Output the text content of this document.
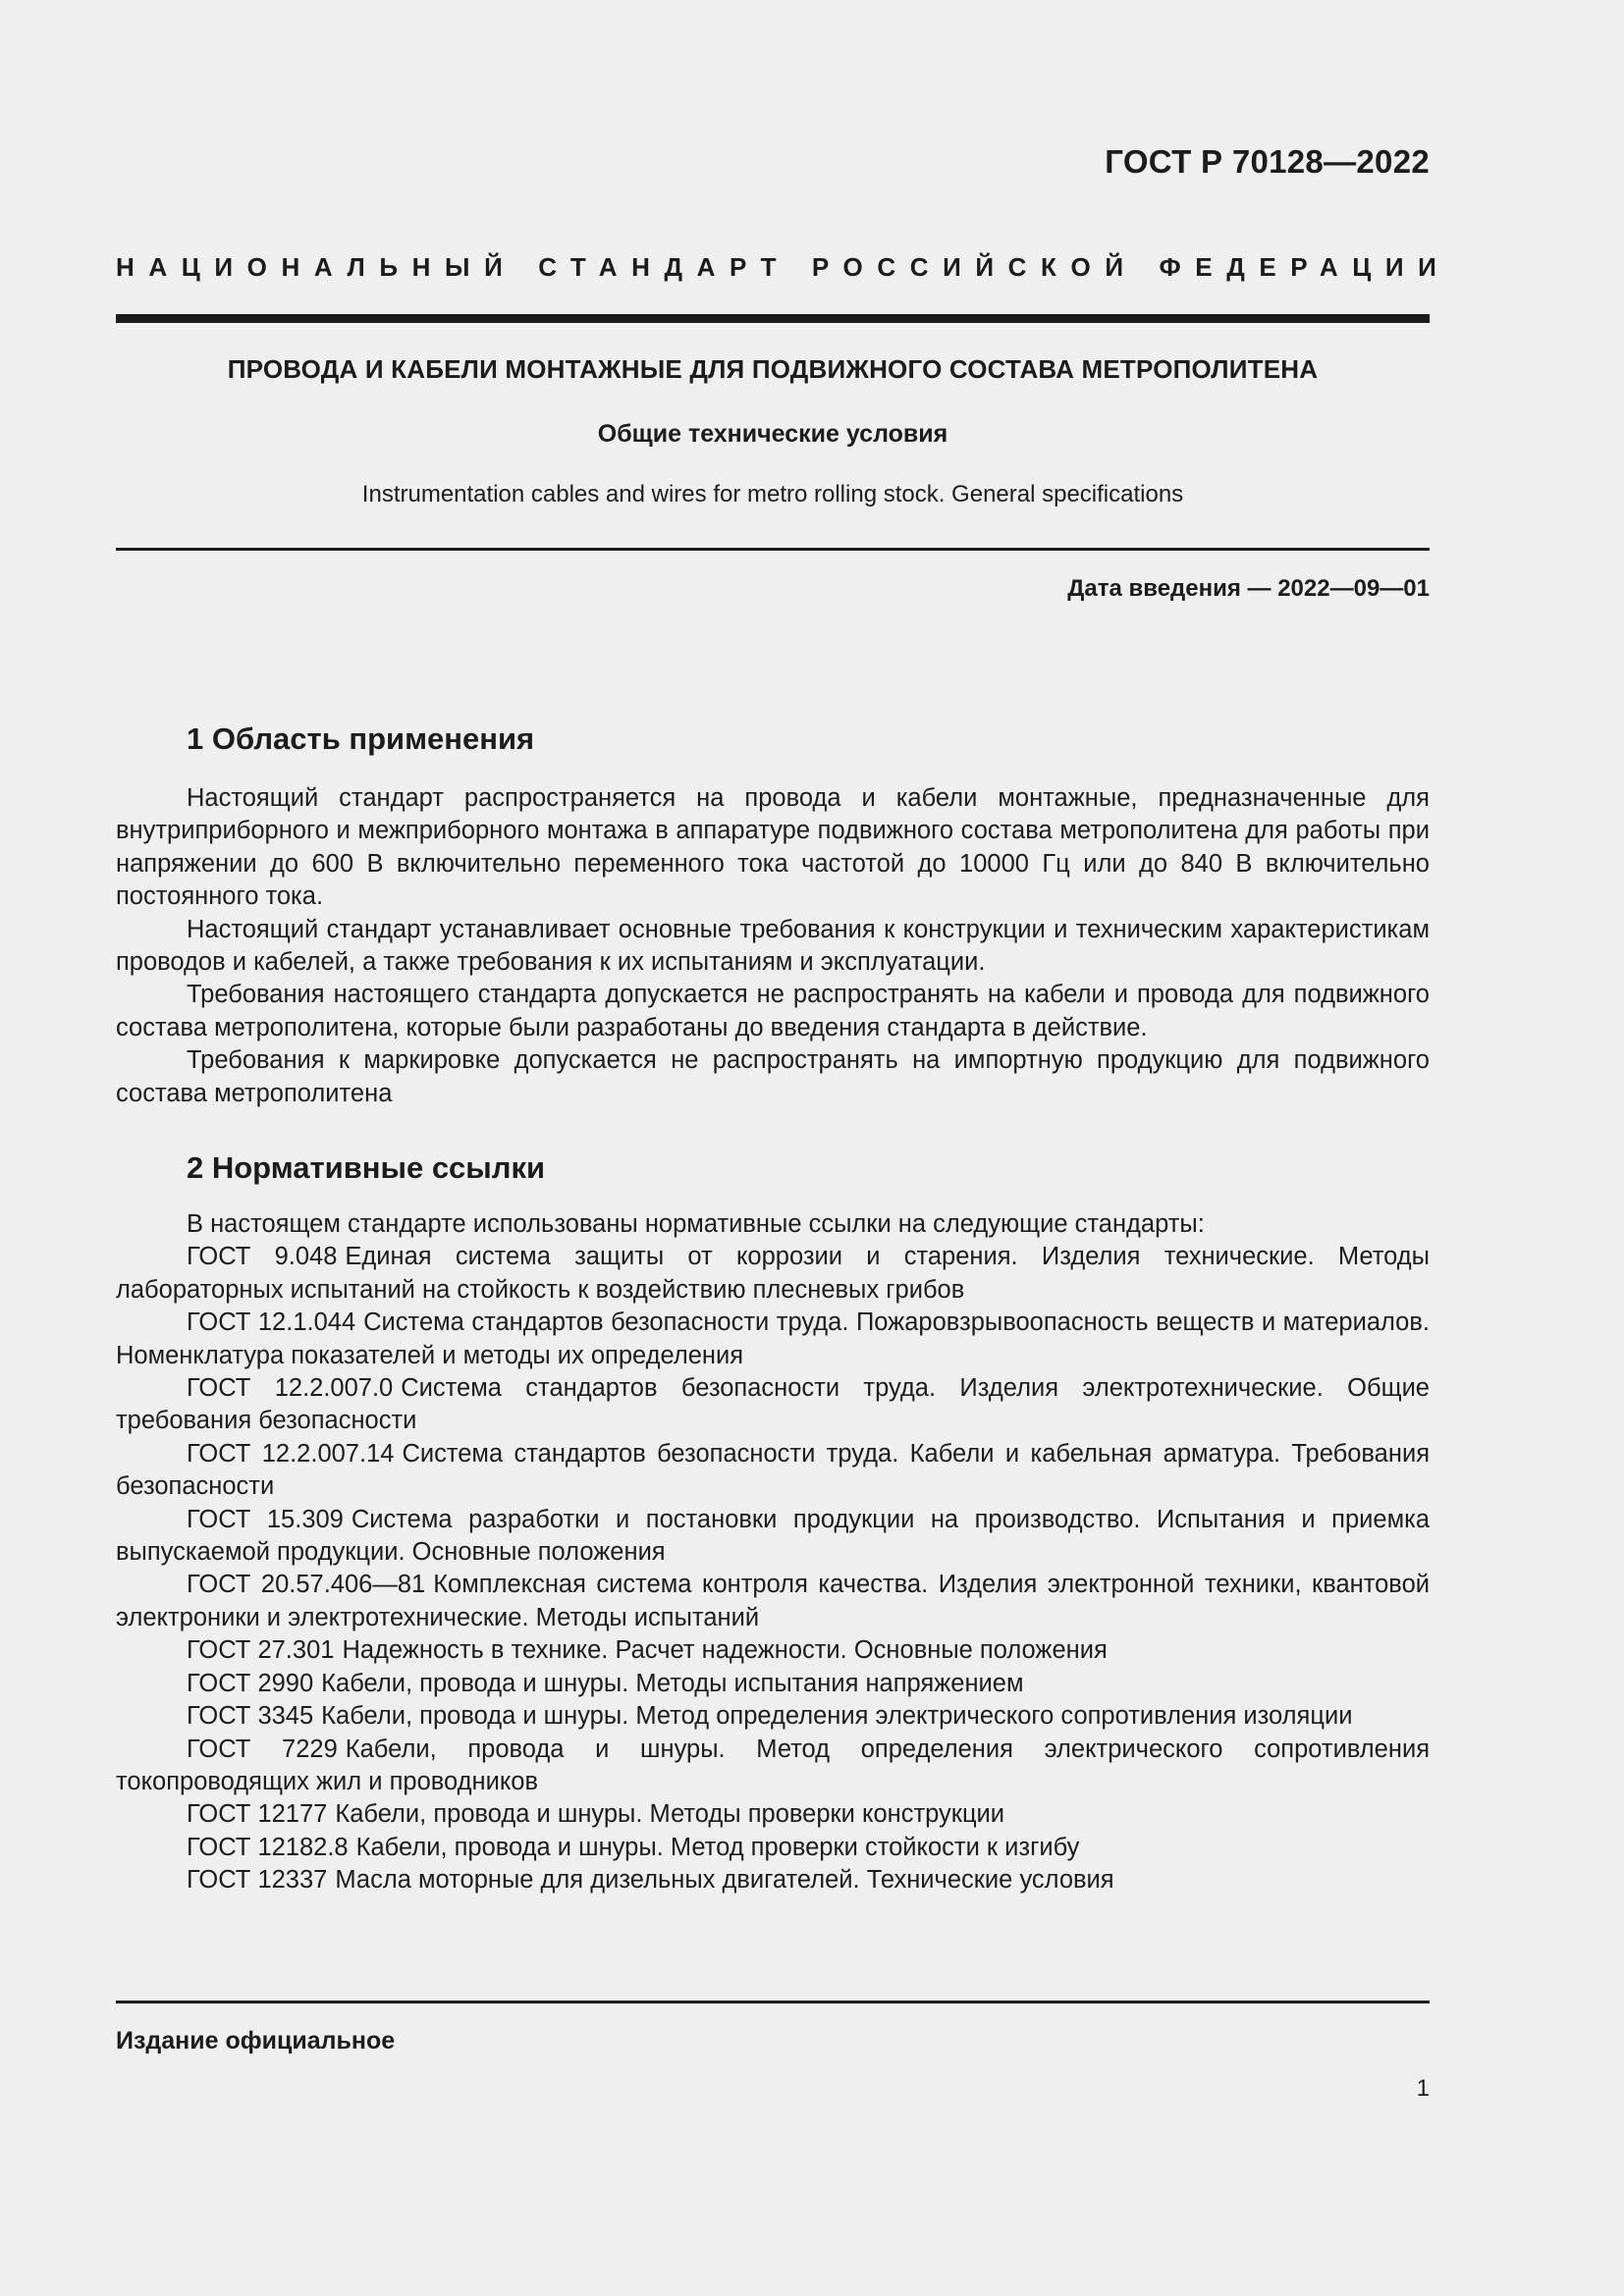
ГОСТ Р 70128—2022
НАЦИОНАЛЬНЫЙ СТАНДАРТ РОССИЙСКОЙ ФЕДЕРАЦИИ
ПРОВОДА И КАБЕЛИ МОНТАЖНЫЕ ДЛЯ ПОДВИЖНОГО СОСТАВА МЕТРОПОЛИТЕНА
Общие технические условия
Instrumentation cables and wires for metro rolling stock. General specifications
Дата введения — 2022—09—01
1 Область применения

Настоящий стандарт распространяется на провода и кабели монтажные, предназначенные для внутриприборного и межприборного монтажа в аппаратуре подвижного состава метрополитена для работы при напряжении до 600 В включительно переменного тока частотой до 10000 Гц или до 840 В включительно постоянного тока.

Настоящий стандарт устанавливает основные требования к конструкции и техническим характеристикам проводов и кабелей, а также требования к их испытаниям и эксплуатации.

Требования настоящего стандарта допускается не распространять на кабели и провода для подвижного состава метрополитена, которые были разработаны до введения стандарта в действие.

Требования к маркировке допускается не распространять на импортную продукцию для подвижного состава метрополитена

2 Нормативные ссылки

В настоящем стандарте использованы нормативные ссылки на следующие стандарты:

ГОСТ 9.048 Единая система защиты от коррозии и старения. Изделия технические. Методы лабораторных испытаний на стойкость к воздействию плесневых грибов

ГОСТ 12.1.044 Система стандартов безопасности труда. Пожаровзрывоопасность веществ и материалов. Номенклатура показателей и методы их определения

ГОСТ 12.2.007.0 Система стандартов безопасности труда. Изделия электротехнические. Общие требования безопасности

ГОСТ 12.2.007.14 Система стандартов безопасности труда. Кабели и кабельная арматура. Требования безопасности

ГОСТ 15.309 Система разработки и постановки продукции на производство. Испытания и приемка выпускаемой продукции. Основные положения

ГОСТ 20.57.406—81 Комплексная система контроля качества. Изделия электронной техники, квантовой электроники и электротехнические. Методы испытаний

ГОСТ 27.301 Надежность в технике. Расчет надежности. Основные положения

ГОСТ 2990 Кабели, провода и шнуры. Методы испытания напряжением

ГОСТ 3345 Кабели, провода и шнуры. Метод определения электрического сопротивления изоляции

ГОСТ 7229 Кабели, провода и шнуры. Метод определения электрического сопротивления токопроводящих жил и проводников

ГОСТ 12177 Кабели, провода и шнуры. Методы проверки конструкции

ГОСТ 12182.8 Кабели, провода и шнуры. Метод проверки стойкости к изгибу

ГОСТ 12337 Масла моторные для дизельных двигателей. Технические условия

Издание официальное
1
